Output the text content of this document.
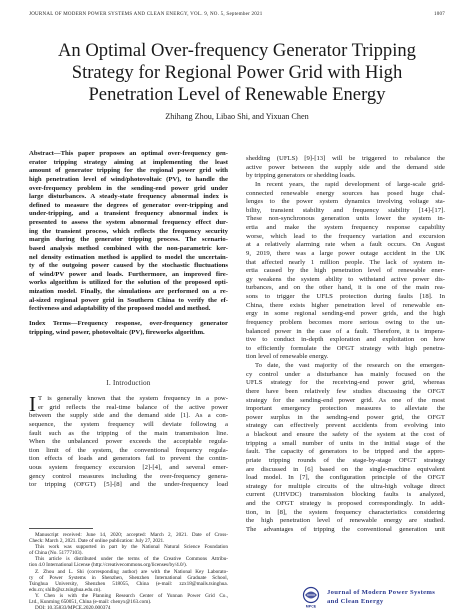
JOURNAL OF MODERN POWER SYSTEMS AND CLEAN ENERGY, VOL. 9, NO. 5, September 2021	1007
An Optimal Over-frequency Generator Tripping
Strategy for Regional Power Grid with High
Penetration Level of Renewable Energy
Zhihang Zhou, Libao Shi, and Yixuan Chen
Abstract—This paper proposes an optimal over-frequency gen-
erator tripping strategy aiming at implementing the least
amount of generator tripping for the regional power grid with
high penetration level of wind/photovoltaic (PV), to handle the
over-frequency problem in the sending-end power grid under
large disturbances. A steady-state frequency abnormal index is
defined to measure the degrees of generator over-tripping and
under-tripping, and a transient frequency abnormal index is
presented to assess the system abnormal frequency effect dur-
ing the transient process, which reflects the frequency security
margin during the generator tripping process. The scenario-
based analysis method combined with the non-parametric ker-
nel density estimation method is applied to model the uncertain-
ty of the outgoing power caused by the stochastic fluctuations
of wind/PV power and loads. Furthermore, an improved fire-
works algorithm is utilized for the solution of the proposed opti-
mization model. Finally, the simulations are performed on a re-
al-sized regional power grid in Southern China to verify the ef-
fectiveness and adaptability of the proposed model and method.
Index Terms—Frequency response, over-frequency generator
tripping, wind power, photovoltaic (PV), fireworks algorithm.
I. Introduction
I T is generally known that the system frequency in a pow-
er grid reflects the real-time balance of the active power
between the supply side and the demand side [1]. As a con-
sequence, the system frequency will deviate following a
fault such as the tripping of the main transmission line.
When the unbalanced power exceeds the acceptable regula-
tion limit of the system, the conventional frequency regula-
tion effects of loads and generators fail to prevent the contin-
uous system frequency excursion [2]-[4], and several emer-
gency control measures including the over-frequency genera-
tor tripping (OFGT) [5]-[8] and the under-frequency load
Manuscript received: June 14, 2020; accepted: March 2, 2021. Date of Cross-
Check: March 2, 2021. Date of online publication: July 27, 2021.
This work was supported in part by the National Natural Science Foundation
of China (No. 51777103).
This article is distributed under the terms of the Creative Commons Attribu-
tion 4.0 International License (http://creativecommons.org/licenses/by/4.0/).
Z. Zhou and L. Shi (corresponding author) are with the National Key Laborato-
ry of Power Systems in Shenzhen, Shenzhen International Graduate School,
Tsinghua University, Shenzhen 518055, China (e-mail: zzx18@mails.tsinghua.
edu.cn; shilb@sz.tsinghua.edu.cn).
Y. Chen is with the Planning Research Center of Yunnan Power Grid Co.,
Ltd., Kunming 650051, China (e-mail: chenyx@163.com).
DOI: 10.35833/MPCE.2020.000374
shedding (UFLS) [9]-[13] will be triggered to rebalance the
active power between the supply side and the demand side
by tripping generators or shedding loads.
In recent years, the rapid development of large-scale grid-
connected renewable energy sources has posed huge chal-
lenges to the power system dynamics involving voltage sta-
bility, transient stability and frequency stability [14]-[17].
These non-synchronous generation units lower the system in-
ertia and make the system frequency response capability
worse, which lead to the frequency variation and excursion
at a relatively alarming rate when a fault occurs. On August
9, 2019, there was a large power outage accident in the UK
that affected nearly 1 million people. The lack of system in-
ertia caused by the high penetration level of renewable ener-
gy weakens the system ability to withstand active power dis-
turbances, and on the other hand, it is one of the main rea-
sons to trigger the UFLS protection during faults [18]. In
China, there exists higher penetration level of renewable en-
ergy in some regional sending-end power grids, and the high
frequency problem becomes more serious owing to the un-
balanced power in the case of a fault. Therefore, it is impera-
tive to conduct in-depth exploration and exploitation on how
to efficiently formulate the OFGT strategy with high penetra-
tion level of renewable energy.
To date, the vast majority of the research on the emergen-
cy control under a disturbance has mainly focused on the
UFLS strategy for the receiving-end power grid, whereas
there have been relatively few studies discussing the OFGT
strategy for the sending-end power grid. As one of the most
important emergency protection measures to alleviate the
power surplus in the sending-end power grid, the OFGT
strategy can effectively prevent accidents from evolving into
a blackout and ensure the safety of the system at the cost of
tripping a small number of units in the initial stage of the
fault. The capacity of generators to be tripped and the appro-
priate tripping rounds of the stage-by-stage OFGT strategy
are discussed in [6] based on the single-machine equivalent
load model. In [7], the configuration principle of the OFGT
strategy for multiple circuits of the ultra-high voltage direct
current (UHVDC) transmission blocking faults is analyzed,
and the OFGT strategy is proposed correspondingly. In addi-
tion, in [8], the system frequency characteristics considering
the high penetration level of renewable energy are studied.
The advantages of tripping the conventional generation unit
MPCE
Journal of Modern Power Systems
and Clean Energy
